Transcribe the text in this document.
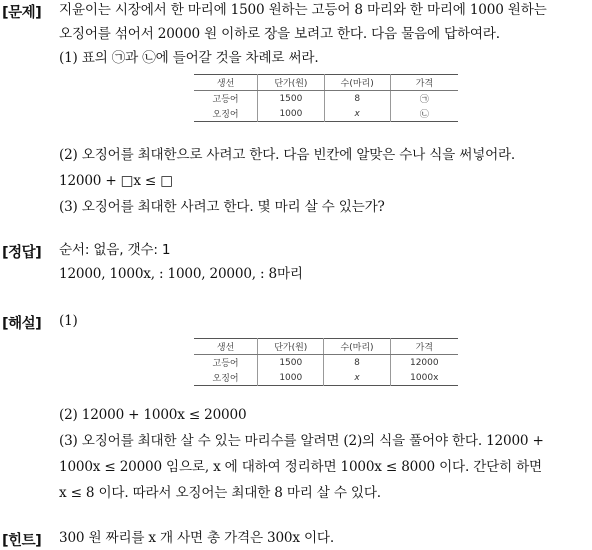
[문제] 지윤이는 시장에서 한 마리에 1500 원하는 고등어 8 마리와 한 마리에 1000 원하는
오징어를 섞어서 20000 원 이하로 장을 보려고 한다. 다음 물음에 답하여라.
(1) 표의 ㉠과 ㉡에 들어갈 것을 차례로 써라.
생선	단가(원)	수(마리)	가격
고등어	1500	8	㉠
오징어	1000	x	㉡
(2) 오징어를 최대한으로 사려고 한다. 다음 빈칸에 알맞은 수나 식을 써넣어라.
12000 + □x ≤ □
(3) 오징어를 최대한 사려고 한다. 몇 마리 살 수 있는가?
[정답] 순서: 없음, 갯수: 1
12000, 1000x, : 1000, 20000, : 8마리
[해설] (1)
생선	단가(원)	수(마리)	가격
고등어	1500	8	12000
오징어	1000	x	1000x
(2) 12000 + 1000x ≤ 20000
(3) 오징어를 최대한 살 수 있는 마리수를 알려면 (2)의 식을 풀어야 한다. 12000 +
1000x ≤ 20000 임으로, x 에 대하여 정리하면 1000x ≤ 8000 이다. 간단히 하면
x ≤ 8 이다. 따라서 오징어는 최대한 8 마리 살 수 있다.
[힌트] 300 원 짜리를 x 개 사면 총 가격은 300x 이다.
